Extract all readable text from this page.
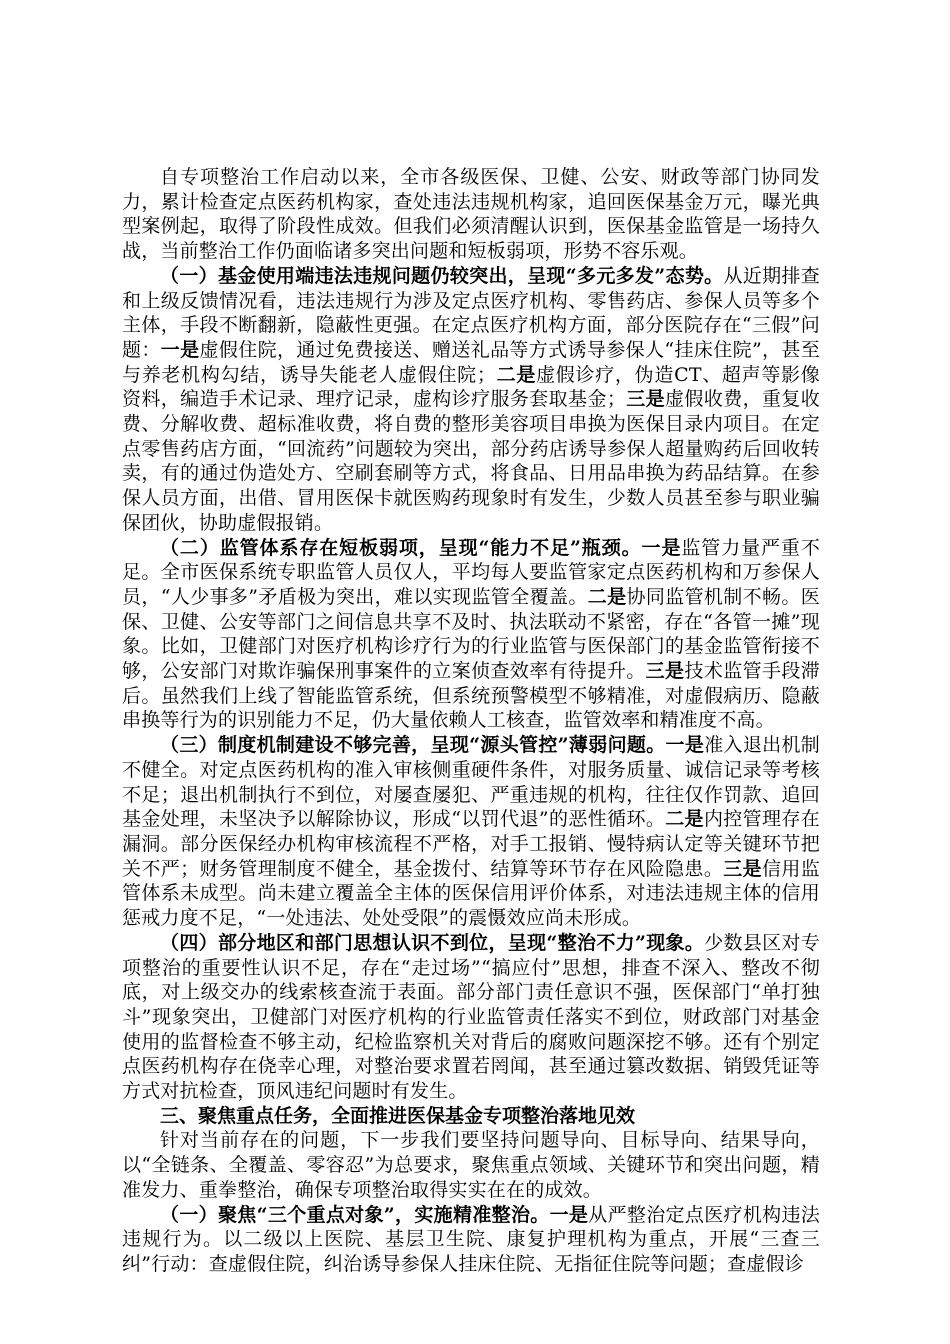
自专项整治工作启动以来，全市各级医保、卫健、公安、财政等部门协同发力，累计检查定点医药机构家，查处违法违规机构家，追回医保基金万元，曝光典型案例起，取得了阶段性成效。但我们必须清醒认识到，医保基金监管是一场持久战，当前整治工作仍面临诸多突出问题和短板弱项，形势不容乐观。

（一）基金使用端违法违规问题仍较突出，呈现“多元多发”态势。从近期排查和上级反馈情况看，违法违规行为涉及定点医疗机构、零售药店、参保人员等多个主体，手段不断翻新，隐蔽性更强。在定点医疗机构方面，部分医院存在“三假”问题：一是虚假住院，通过免费接送、赠送礼品等方式诱导参保人“挂床住院”，甚至与养老机构勾结，诱导失能老人虚假住院；二是虚假诊疗，伪造CT、超声等影像资料，编造手术记录、理疗记录，虚构诊疗服务套取基金；三是虚假收费，重复收费、分解收费、超标准收费，将自费的整形美容项目串换为医保目录内项目。在定点零售药店方面，“回流药”问题较为突出，部分药店诱导参保人超量购药后回收转卖，有的通过伪造处方、空刷套刷等方式，将食品、日用品串换为药品结算。在参保人员方面，出借、冒用医保卡就医购药现象时有发生，少数人员甚至参与职业骗保团伙，协助虚假报销。

（二）监管体系存在短板弱项，呈现“能力不足”瓶颈。一是监管力量严重不足。全市医保系统专职监管人员仅人，平均每人要监管家定点医药机构和万参保人员，“人少事多”矛盾极为突出，难以实现监管全覆盖。二是协同监管机制不畅。医保、卫健、公安等部门之间信息共享不及时、执法联动不紧密，存在“各管一摊”现象。比如，卫健部门对医疗机构诊疗行为的行业监管与医保部门的基金监管衔接不够，公安部门对欺诈骗保刑事案件的立案侦查效率有待提升。三是技术监管手段滞后。虽然我们上线了智能监管系统，但系统预警模型不够精准，对虚假病历、隐蔽串换等行为的识别能力不足，仍大量依赖人工核查，监管效率和精准度不高。

（三）制度机制建设不够完善，呈现“源头管控”薄弱问题。一是准入退出机制不健全。对定点医药机构的准入审核侧重硬件条件，对服务质量、诚信记录等考核不足；退出机制执行不到位，对屡查屡犯、严重违规的机构，往往仅作罚款、追回基金处理，未坚决予以解除协议，形成“以罚代退”的恶性循环。二是内控管理存在漏洞。部分医保经办机构审核流程不严格，对手工报销、慢特病认定等关键环节把关不严；财务管理制度不健全，基金拨付、结算等环节存在风险隐患。三是信用监管体系未成型。尚未建立覆盖全主体的医保信用评价体系，对违法违规主体的信用惩戒力度不足，“一处违法、处处受限”的震慑效应尚未形成。

（四）部分地区和部门思想认识不到位，呈现“整治不力”现象。少数县区对专项整治的重要性认识不足，存在“走过场”“搞应付”思想，排查不深入、整改不彻底，对上级交办的线索核查流于表面。部分部门责任意识不强，医保部门“单打独斗”现象突出，卫健部门对医疗机构的行业监管责任落实不到位，财政部门对基金使用的监督检查不够主动，纪检监察机关对背后的腐败问题深挖不够。还有个别定点医药机构存在侥幸心理，对整治要求置若罔闻，甚至通过篡改数据、销毁凭证等方式对抗检查，顶风违纪问题时有发生。

三、聚焦重点任务，全面推进医保基金专项整治落地见效

针对当前存在的问题，下一步我们要坚持问题导向、目标导向、结果导向，以“全链条、全覆盖、零容忍”为总要求，聚焦重点领域、关键环节和突出问题，精准发力、重拳整治，确保专项整治取得实实在在的成效。

（一）聚焦“三个重点对象”，实施精准整治。一是从严整治定点医疗机构违法违规行为。以二级以上医院、基层卫生院、康复护理机构为重点，开展“三查三纠”行动：查虚假住院，纠治诱导参保人挂床住院、无指征住院等问题；查虚假诊
